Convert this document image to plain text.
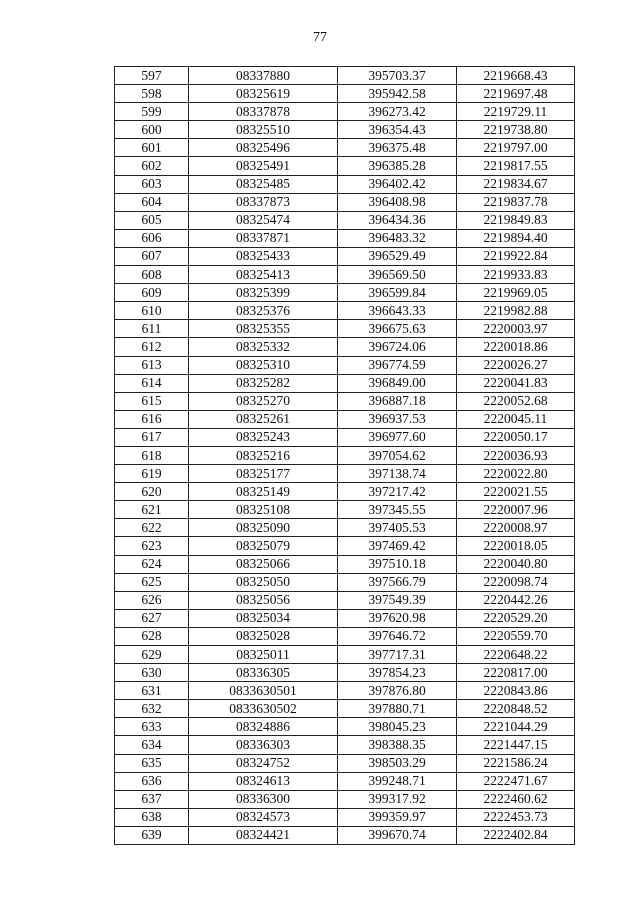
77
597	08337880	395703.37	2219668.43
598	08325619	395942.58	2219697.48
599	08337878	396273.42	2219729.11
600	08325510	396354.43	2219738.80
601	08325496	396375.48	2219797.00
602	08325491	396385.28	2219817.55
603	08325485	396402.42	2219834.67
604	08337873	396408.98	2219837.78
605	08325474	396434.36	2219849.83
606	08337871	396483.32	2219894.40
607	08325433	396529.49	2219922.84
608	08325413	396569.50	2219933.83
609	08325399	396599.84	2219969.05
610	08325376	396643.33	2219982.88
611	08325355	396675.63	2220003.97
612	08325332	396724.06	2220018.86
613	08325310	396774.59	2220026.27
614	08325282	396849.00	2220041.83
615	08325270	396887.18	2220052.68
616	08325261	396937.53	2220045.11
617	08325243	396977.60	2220050.17
618	08325216	397054.62	2220036.93
619	08325177	397138.74	2220022.80
620	08325149	397217.42	2220021.55
621	08325108	397345.55	2220007.96
622	08325090	397405.53	2220008.97
623	08325079	397469.42	2220018.05
624	08325066	397510.18	2220040.80
625	08325050	397566.79	2220098.74
626	08325056	397549.39	2220442.26
627	08325034	397620.98	2220529.20
628	08325028	397646.72	2220559.70
629	08325011	397717.31	2220648.22
630	08336305	397854.23	2220817.00
631	0833630501	397876.80	2220843.86
632	0833630502	397880.71	2220848.52
633	08324886	398045.23	2221044.29
634	08336303	398388.35	2221447.15
635	08324752	398503.29	2221586.24
636	08324613	399248.71	2222471.67
637	08336300	399317.92	2222460.62
638	08324573	399359.97	2222453.73
639	08324421	399670.74	2222402.84
